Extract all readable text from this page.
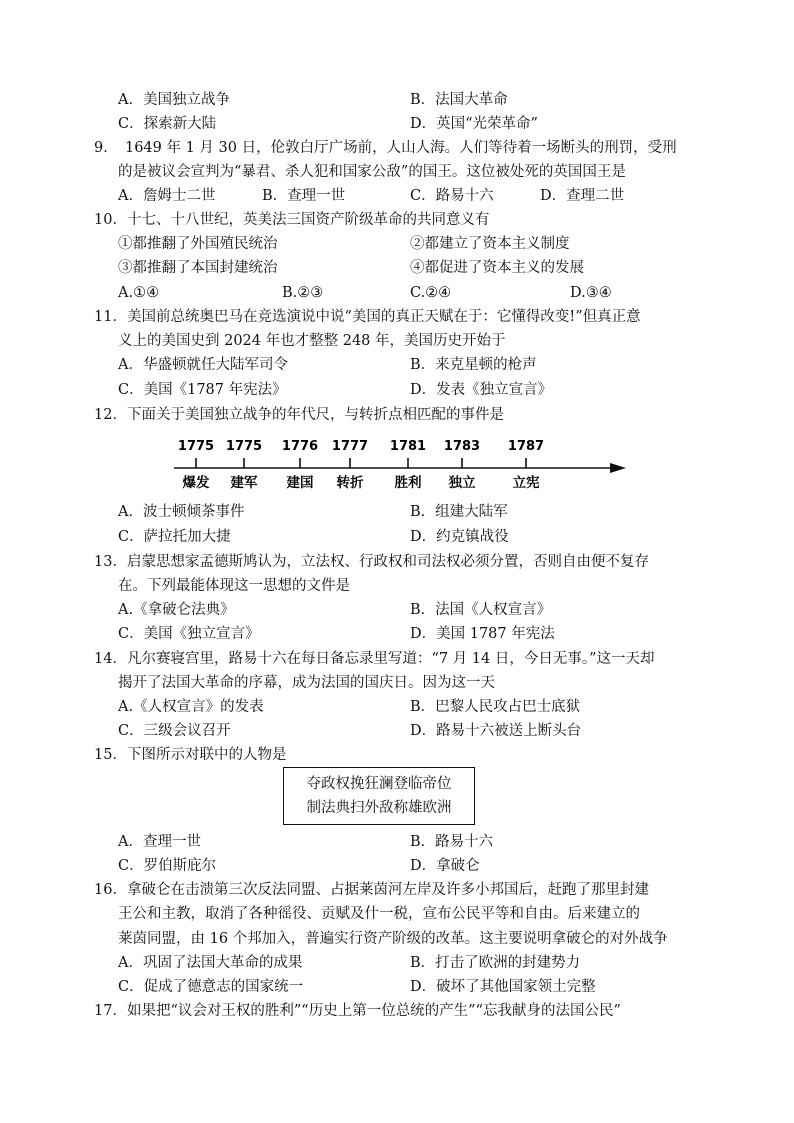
A．美国独立战争	B．法国大革命
C．探索新大陆	D．英国“光荣革命”
9．　1649 年 1 月 30 日，伦敦白厅广场前，人山人海。人们等待着一场断头的刑罚，受刑
的是被议会宣判为“暴君、杀人犯和国家公敌”的国王。这位被处死的英国国王是
A．詹姆士二世	B．查理一世	C．路易十六	D．查理二世
10．十七、十八世纪，英美法三国资产阶级革命的共同意义有
①都推翻了外国殖民统治	②都建立了资本主义制度
③都推翻了本国封建统治	④都促进了资本主义的发展
A.①④	B.②③	C.②④	D.③④
11．美国前总统奥巴马在竞选演说中说“美国的真正天赋在于：它懂得改变!”但真正意
义上的美国史到 2024 年也才整整 248 年，美国历史开始于
A．华盛顿就任大陆军司令	B．来克星顿的枪声
C．美国《1787 年宪法》	D．发表《独立宣言》
12．下面关于美国独立战争的年代尺，与转折点相匹配的事件是
1775 1775 1776 1777 1781 1783 1787
爆发 建军 建国 转折 胜利 独立	立宪
A．波士顿倾茶事件	B．组建大陆军
C．萨拉托加大捷	D．约克镇战役
13．启蒙思想家孟德斯鸠认为，立法权、行政权和司法权必须分置，否则自由便不复存
在。下列最能体现这一思想的文件是
A.《拿破仑法典》	B．法国《人权宣言》
C．美国《独立宣言》	D．美国 1787 年宪法
14．凡尔赛寝宫里，路易十六在每日备忘录里写道：“7 月 14 日，今日无事。”这一天却
揭开了法国大革命的序幕，成为法国的国庆日。因为这一天
A.《人权宣言》的发表	B．巴黎人民攻占巴士底狱
C．三级会议召开	D．路易十六被送上断头台
15．下图所示对联中的人物是
夺政权挽狂澜登临帝位
制法典扫外敌称雄欧洲
A．查理一世	B．路易十六
C．罗伯斯庇尔	D．拿破仑
16．拿破仑在击溃第三次反法同盟、占据莱茵河左岸及许多小邦国后，赶跑了那里封建
王公和主教，取消了各种徭役、贡赋及什一税，宣布公民平等和自由。后来建立的
莱茵同盟，由 16 个邦加入，普遍实行资产阶级的改革。这主要说明拿破仑的对外战争
A．巩固了法国大革命的成果	B．打击了欧洲的封建势力
C．促成了德意志的国家统一	D．破坏了其他国家领土完整
17．如果把“议会对王权的胜利”“历史上第一位总统的产生”“忘我献身的法国公民”
